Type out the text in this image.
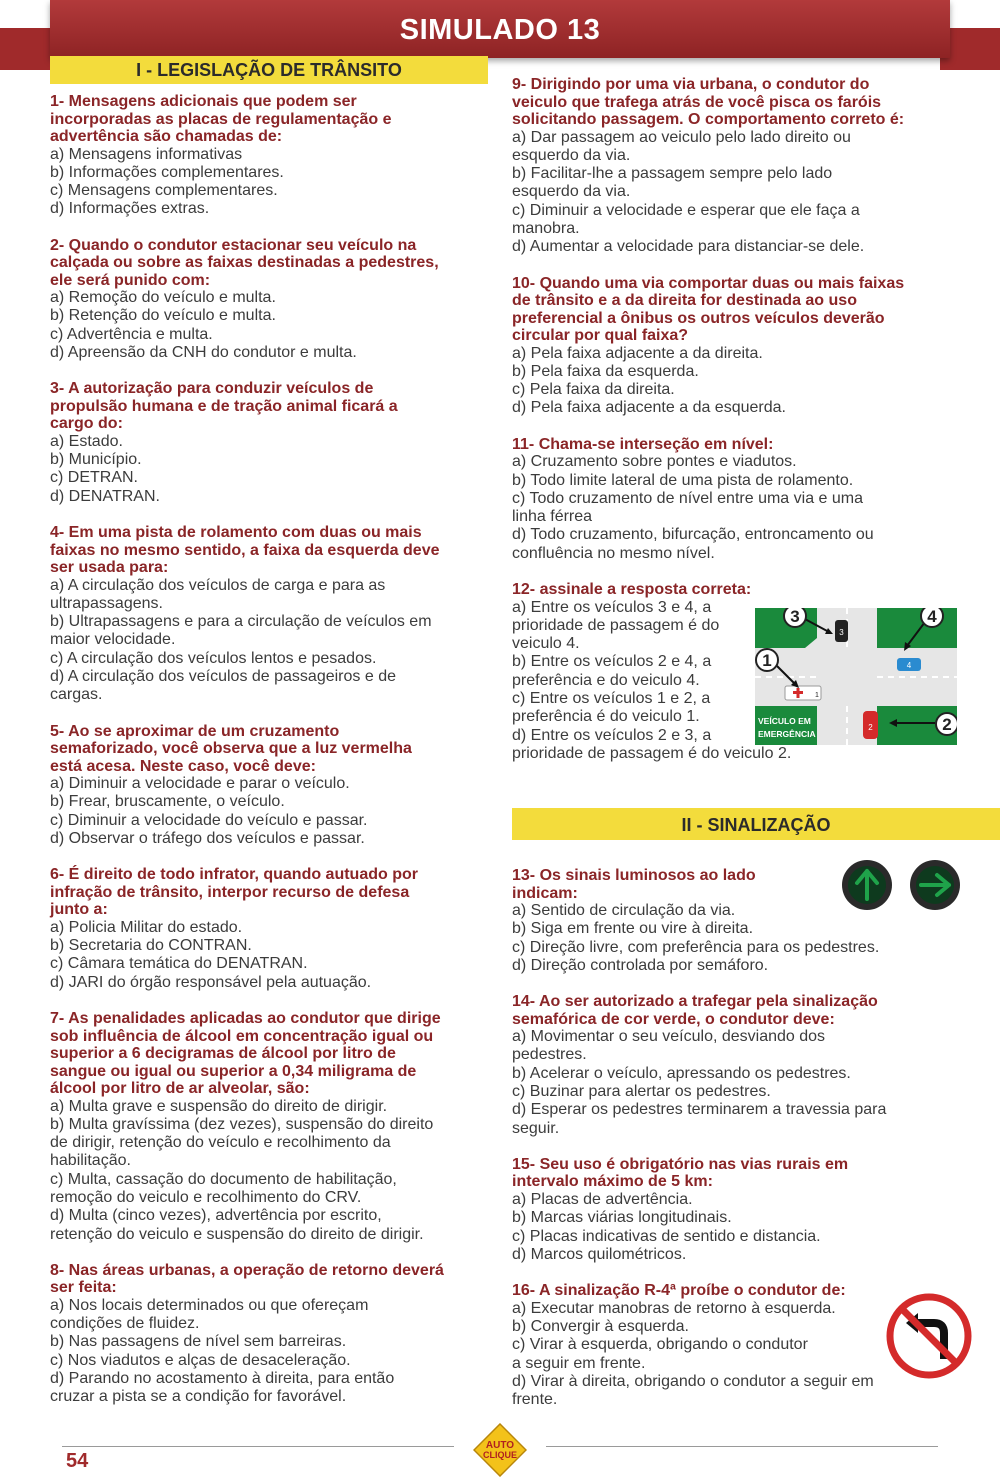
SIMULADO 13
I - LEGISLAÇÃO DE TRÂNSITO
1- Mensagens adicionais que podem ser
incorporadas as placas de regulamentação e
advertência são chamadas de:
a) Mensagens informativas
b) Informações complementares.
c) Mensagens complementares.
d) Informações extras.
2- Quando o condutor estacionar seu veículo na
calçada ou sobre as faixas destinadas a pedestres,
ele será punido com:
a) Remoção do veículo e multa.
b) Retenção do veículo e multa.
c) Advertência e multa.
d) Apreensão da CNH do condutor e multa.
3- A autorização para conduzir veículos de
propulsão humana e de tração animal ficará a
cargo do:
a) Estado.
b) Município.
c) DETRAN.
d) DENATRAN.
4- Em uma pista de rolamento com duas ou mais
faixas no mesmo sentido, a faixa da esquerda deve
ser usada para:
a) A circulação dos veículos de carga e para as
ultrapassagens.
b) Ultrapassagens e para a circulação de veículos em
maior velocidade.
c) A circulação dos veículos lentos e pesados.
d) A circulação dos veículos de passageiros e de
cargas.
5- Ao se aproximar de um cruzamento
semaforizado, você observa que a luz vermelha
está acesa. Neste caso, você deve:
a) Diminuir a velocidade e parar o veículo.
b) Frear, bruscamente, o veículo.
c) Diminuir a velocidade do veículo e passar.
d) Observar o tráfego dos veículos e passar.
6- É direito de todo infrator, quando autuado por
infração de trânsito, interpor recurso de defesa
junto a:
a) Policia Militar do estado.
b) Secretaria do CONTRAN.
c) Câmara temática do DENATRAN.
d) JARI do órgão responsável pela autuação.
7- As penalidades aplicadas ao condutor que dirige
sob influência de álcool em concentração igual ou
superior a 6 decigramas de álcool por litro de
sangue ou igual ou superior a 0,34 miligrama de
álcool por litro de ar alveolar, são:
a) Multa grave e suspensão do direito de dirigir.
b) Multa gravíssima (dez vezes), suspensão do direito
de dirigir, retenção do veículo e recolhimento da
habilitação.
c) Multa, cassação do documento de habilitação,
remoção do veiculo e recolhimento do CRV.
d) Multa (cinco vezes), advertência por escrito,
retenção do veiculo e suspensão do direito de dirigir.
8- Nas áreas urbanas, a operação de retorno deverá
ser feita:
a) Nos locais determinados ou que ofereçam
condições de fluidez.
b) Nas passagens de nível sem barreiras.
c) Nos viadutos e alças de desaceleração.
d) Parando no acostamento à direita, para então
cruzar a pista se a condição for favorável.
9- Dirigindo por uma via urbana, o condutor do
veiculo que trafega atrás de você pisca os faróis
solicitando passagem. O comportamento correto é:
a) Dar passagem ao veiculo pelo lado direito ou
esquerdo da via.
b) Facilitar-lhe a passagem sempre pelo lado
esquerdo da via.
c) Diminuir a velocidade e esperar que ele faça a
manobra.
d) Aumentar a velocidade para distanciar-se dele.
10- Quando uma via comportar duas ou mais faixas
de trânsito e a da direita for destinada ao uso
preferencial a ônibus os outros veículos deverão
circular por qual faixa?
a) Pela faixa adjacente a da direita.
b) Pela faixa da esquerda.
c) Pela faixa da direita.
d) Pela faixa adjacente a da esquerda.
11- Chama-se interseção em nível:
a) Cruzamento sobre pontes e viadutos.
b) Todo limite lateral de uma pista de rolamento.
c) Todo cruzamento de nível entre uma via e uma
linha férrea
d) Todo cruzamento, bifurcação, entroncamento ou
confluência no mesmo nível.
12- assinale a resposta correta:
a) Entre os veículos 3 e 4, a
prioridade de passagem é do
veiculo 4.
b) Entre os veículos 2 e 4, a
preferência e do veiculo 4.
c) Entre os veículos 1 e 2, a
preferência é do veiculo 1.
d) Entre os veículos 2 e 3, a
prioridade de passagem é do veiculo 2.
3
4
1
2
3	4
1
2
VEÍCULO EM
EMERGÊNCIA
II - SINALIZAÇÃO
13- Os sinais luminosos ao lado
indicam:
a) Sentido de circulação da via.
b) Siga em frente ou vire à direita.
c) Direção livre, com preferência para os pedestres.
d) Direção controlada por semáforo.
14- Ao ser autorizado a trafegar pela sinalização
semafórica de cor verde, o condutor deve:
a) Movimentar o seu veículo, desviando dos
pedestres.
b) Acelerar o veículo, apressando os pedestres.
c) Buzinar para alertar os pedestres.
d) Esperar os pedestres terminarem a travessia para
seguir.
15- Seu uso é obrigatório nas vias rurais em
intervalo máximo de 5 km:
a) Placas de advertência.
b) Marcas viárias longitudinais.
c) Placas indicativas de sentido e distancia.
d) Marcos quilométricos.
16- A sinalização R-4ª proíbe o condutor de:
a) Executar manobras de retorno à esquerda.
b) Convergir à esquerda.
c) Virar à esquerda, obrigando o condutor
a seguir em frente.
d) Virar à direita, obrigando o condutor a seguir em
frente.
54
AUTO
CLIQUE
